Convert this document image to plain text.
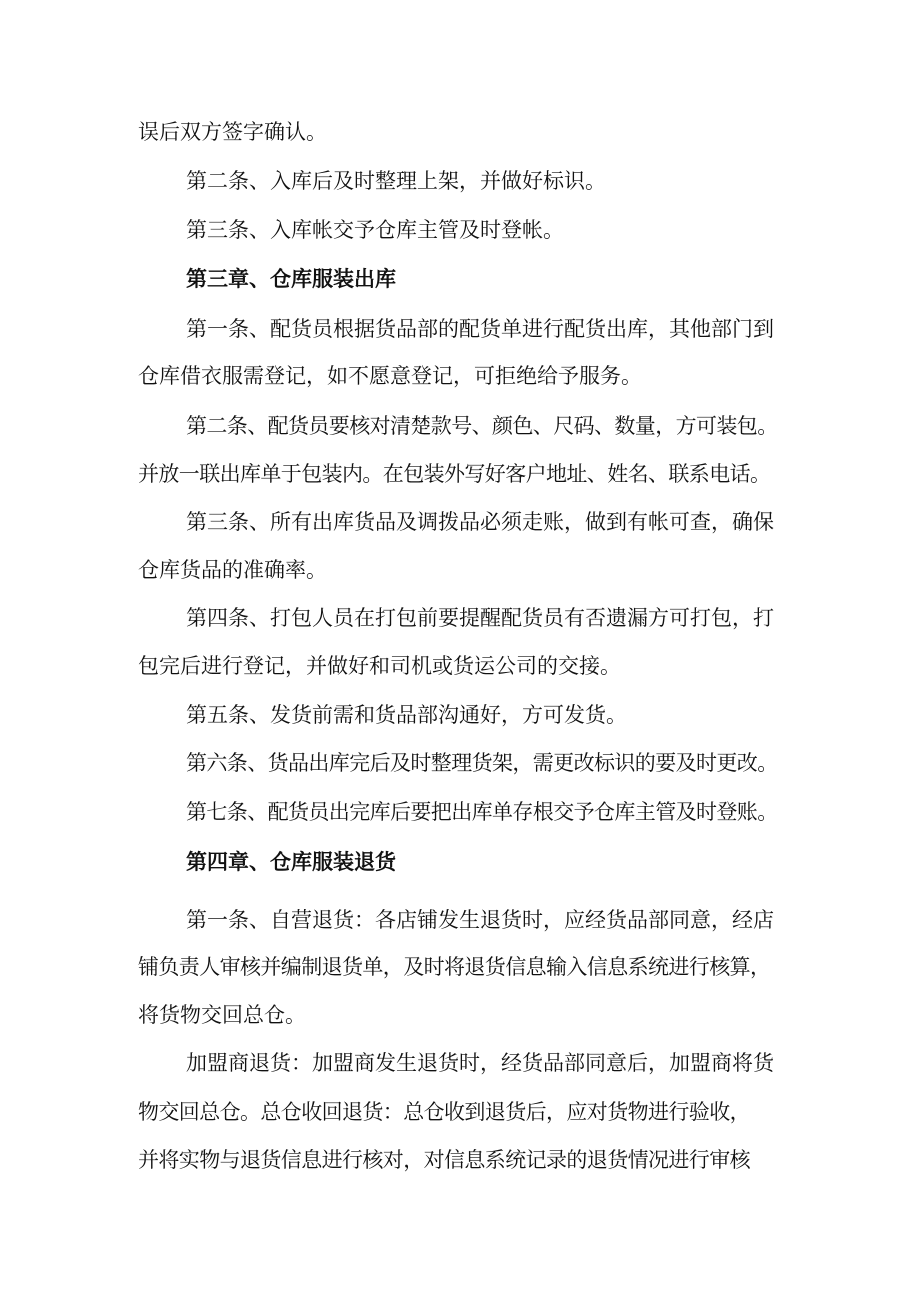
误后双方签字确认。
第二条、入库后及时整理上架，并做好标识。
第三条、入库帐交予仓库主管及时登帐。
第三章、仓库服装出库
第一条、配货员根据货品部的配货单进行配货出库，其他部门到
仓库借衣服需登记，如不愿意登记，可拒绝给予服务。
第二条、配货员要核对清楚款号、颜色、尺码、数量，方可装包。
并放一联出库单于包装内。在包装外写好客户地址、姓名、联系电话。
第三条、所有出库货品及调拨品必须走账，做到有帐可查，确保
仓库货品的准确率。
第四条、打包人员在打包前要提醒配货员有否遗漏方可打包，打
包完后进行登记，并做好和司机或货运公司的交接。
第五条、发货前需和货品部沟通好，方可发货。
第六条、货品出库完后及时整理货架，需更改标识的要及时更改。
第七条、配货员出完库后要把出库单存根交予仓库主管及时登账。
第四章、仓库服装退货
第一条、自营退货：各店铺发生退货时，应经货品部同意，经店
铺负责人审核并编制退货单，及时将退货信息输入信息系统进行核算，
将货物交回总仓。
加盟商退货：加盟商发生退货时，经货品部同意后，加盟商将货
物交回总仓。总仓收回退货：总仓收到退货后，应对货物进行验收，
并将实物与退货信息进行核对，对信息系统记录的退货情况进行审核
